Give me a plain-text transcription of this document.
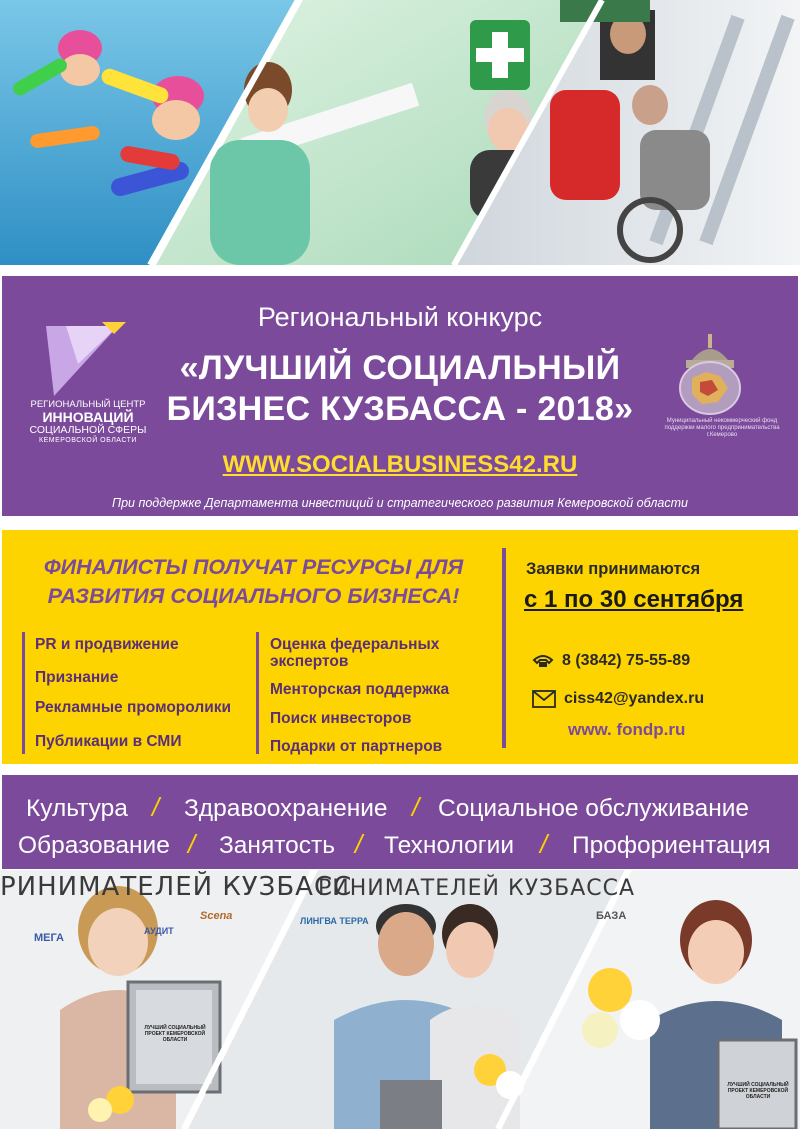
РЕГИОНАЛЬНЫЙ ЦЕНТР
ИННОВАЦИЙ
СОЦИАЛЬНОЙ СФЕРЫ
КЕМЕРОВСКОЙ ОБЛАСТИ
Региональный конкурс
«ЛУЧШИЙ СОЦИАЛЬНЫЙ
БИЗНЕС КУЗБАССА - 2018»
WWW.SOCIALBUSINESS42.RU
При поддержке Департамента инвестиций и стратегического развития Кемеровской области
Муниципальный некоммерческий фонд поддержки малого предпринимательства г.Кемерово
ФИНАЛИСТЫ ПОЛУЧАТ РЕСУРСЫ ДЛЯ
РАЗВИТИЯ СОЦИАЛЬНОГО БИЗНЕСА!
PR и продвижение
Признание
Рекламные проморолики
Публикации в СМИ
Оценка федеральных экспертов
Менторская поддержка
Поиск инвесторов
Подарки от партнеров
Заявки принимаются
с 1 по 30 сентября
8 (3842) 75-55-89
ciss42@yandex.ru
www. fondp.ru
Культура / Здравоохранение / Социальное обслуживание
Образование / Занятость / Технологии / Профориентация
РИНИМАТЕЛЕЙ КУЗБАСС
РИНИМАТЕЛЕЙ КУЗБАССА
Scena	ЛИНГВА ТЕРРА	БАЗА
МЕГА
АУДИТ
ЛУЧШИЙ СОЦИАЛЬНЫЙ ПРОЕКТ КЕМЕРОВСКОЙ ОБЛАСТИ
ЛУЧШИЙ СОЦИАЛЬНЫЙ ПРОЕКТ КЕМЕРОВСКОЙ ОБЛАСТИ
